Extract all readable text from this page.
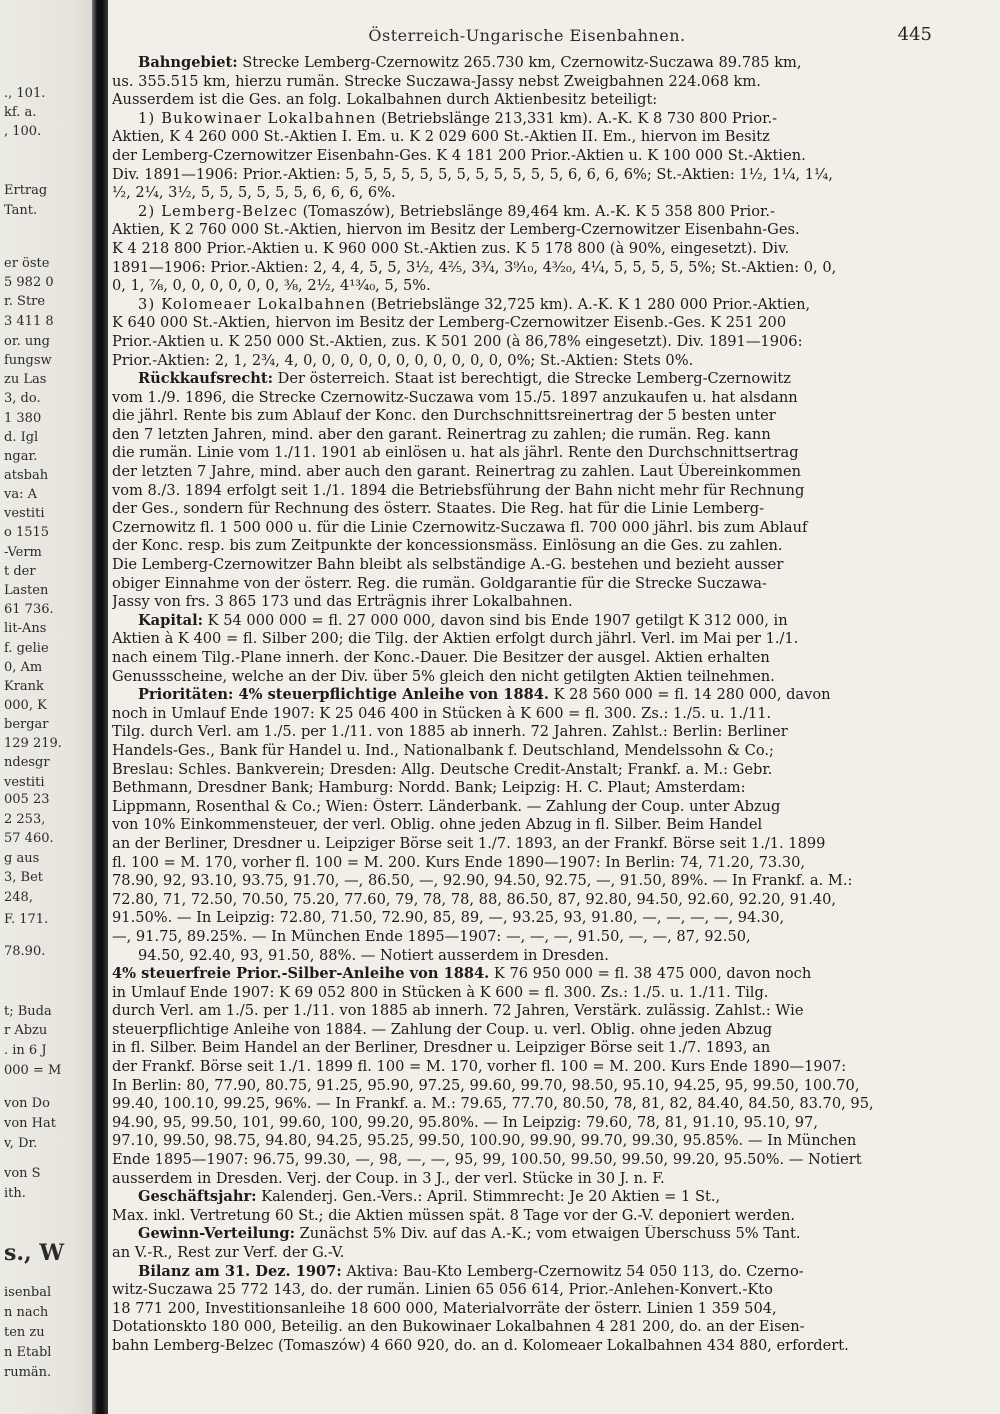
., 101.
kf. a.
, 100.
Ertrag
Tant.
er öste
5 982 0
r. Stre
3 411 8
or. ung
fungsw
zu Las
3, do.
1 380
d. Igl
ngar.
atsbah
va: A
vestiti
o 1515
-Verm
t der
Lasten
61 736.
lit-Ans
f. gelie
0, Am
Krank
000, K
bergar
129 219.
ndesgr
vestiti
005 23
2 253,
57 460.
g aus
3, Bet
248,
F. 171.
78.90.
t; Buda
r Abzu
. in 6 J
000 = M
von Do
von Hat
v, Dr.
von S
ith.
s., W
isenbal
n nach
ten zu
n Etabl
rumän.
Österreich-Ungarische Eisenbahnen.	445
Bahngebiet: Strecke Lemberg-Czernowitz 265.730 km, Czernowitz-Suczawa 89.785 km,
us. 355.515 km, hierzu rumän. Strecke Suczawa-Jassy nebst Zweigbahnen 224.068 km.
Ausserdem ist die Ges. an folg. Lokalbahnen durch Aktienbesitz beteiligt:
1) Bukowinaer Lokalbahnen (Betriebslänge 213,331 km). A.-K. K 8 730 800 Prior.-
Aktien, K 4 260 000 St.-Aktien I. Em. u. K 2 029 600 St.-Aktien II. Em., hiervon im Besitz
der Lemberg-Czernowitzer Eisenbahn-Ges. K 4 181 200 Prior.-Aktien u. K 100 000 St.-Aktien.
Div. 1891—1906: Prior.-Aktien: 5, 5, 5, 5, 5, 5, 5, 5, 5, 5, 5, 5, 6, 6, 6, 6%; St.-Aktien: 1½, 1¼, 1¼,
½, 2¼, 3½, 5, 5, 5, 5, 5, 5, 6, 6, 6, 6%.
2) Lemberg-Belzec (Tomaszów), Betriebslänge 89,464 km. A.-K. K 5 358 800 Prior.-
Aktien, K 2 760 000 St.-Aktien, hiervon im Besitz der Lemberg-Czernowitzer Eisenbahn-Ges.
K 4 218 800 Prior.-Aktien u. K 960 000 St.-Aktien zus. K 5 178 800 (à 90%, eingesetzt). Div.
1891—1906: Prior.-Aktien: 2, 4, 4, 5, 5, 3½, 4⅖, 3¾, 3⁹⁄₁₀, 4³⁄₂₀, 4¼, 5, 5, 5, 5, 5%; St.-Aktien: 0, 0,
0, 1, ⁷⁄₈, 0, 0, 0, 0, 0, 0, ³⁄₈, 2½, 4¹³⁄₄₀, 5, 5%.
3) Kolomeaer Lokalbahnen (Betriebslänge 32,725 km). A.-K. K 1 280 000 Prior.-Aktien,
K 640 000 St.-Aktien, hiervon im Besitz der Lemberg-Czernowitzer Eisenb.-Ges. K 251 200
Prior.-Aktien u. K 250 000 St.-Aktien, zus. K 501 200 (à 86,78% eingesetzt). Div. 1891—1906:
Prior.-Aktien: 2, 1, 2¾, 4, 0, 0, 0, 0, 0, 0, 0, 0, 0, 0, 0, 0%; St.-Aktien: Stets 0%.
Rückkaufsrecht: Der österreich. Staat ist berechtigt, die Strecke Lemberg-Czernowitz
vom 1./9. 1896, die Strecke Czernowitz-Suczawa vom 15./5. 1897 anzukaufen u. hat alsdann
die jährl. Rente bis zum Ablauf der Konc. den Durchschnittsreinertrag der 5 besten unter
den 7 letzten Jahren, mind. aber den garant. Reinertrag zu zahlen; die rumän. Reg. kann
die rumän. Linie vom 1./11. 1901 ab einlösen u. hat als jährl. Rente den Durchschnittsertrag
der letzten 7 Jahre, mind. aber auch den garant. Reinertrag zu zahlen. Laut Übereinkommen
vom 8./3. 1894 erfolgt seit 1./1. 1894 die Betriebsführung der Bahn nicht mehr für Rechnung
der Ges., sondern für Rechnung des österr. Staates. Die Reg. hat für die Linie Lemberg-
Czernowitz fl. 1 500 000 u. für die Linie Czernowitz-Suczawa fl. 700 000 jährl. bis zum Ablauf
der Konc. resp. bis zum Zeitpunkte der koncessionsmäss. Einlösung an die Ges. zu zahlen.
Die Lemberg-Czernowitzer Bahn bleibt als selbständige A.-G. bestehen und bezieht ausser
obiger Einnahme von der österr. Reg. die rumän. Goldgarantie für die Strecke Suczawa-
Jassy von frs. 3 865 173 und das Erträgnis ihrer Lokalbahnen.
Kapital: K 54 000 000 = fl. 27 000 000, davon sind bis Ende 1907 getilgt K 312 000, in
Aktien à K 400 = fl. Silber 200; die Tilg. der Aktien erfolgt durch jährl. Verl. im Mai per 1./1.
nach einem Tilg.-Plane innerh. der Konc.-Dauer. Die Besitzer der ausgel. Aktien erhalten
Genussscheine, welche an der Div. über 5% gleich den nicht getilgten Aktien teilnehmen.
Prioritäten: 4% steuerpflichtige Anleihe von 1884. K 28 560 000 = fl. 14 280 000, davon
noch in Umlauf Ende 1907: K 25 046 400 in Stücken à K 600 = fl. 300. Zs.: 1./5. u. 1./11.
Tilg. durch Verl. am 1./5. per 1./11. von 1885 ab innerh. 72 Jahren. Zahlst.: Berlin: Berliner
Handels-Ges., Bank für Handel u. Ind., Nationalbank f. Deutschland, Mendelssohn & Co.;
Breslau: Schles. Bankverein; Dresden: Allg. Deutsche Credit-Anstalt; Frankf. a. M.: Gebr.
Bethmann, Dresdner Bank; Hamburg: Nordd. Bank; Leipzig: H. C. Plaut; Amsterdam:
Lippmann, Rosenthal & Co.; Wien: Österr. Länderbank. — Zahlung der Coup. unter Abzug
von 10% Einkommensteuer, der verl. Oblig. ohne jeden Abzug in fl. Silber. Beim Handel
an der Berliner, Dresdner u. Leipziger Börse seit 1./7. 1893, an der Frankf. Börse seit 1./1. 1899
fl. 100 = M. 170, vorher fl. 100 = M. 200. Kurs Ende 1890—1907: In Berlin: 74, 71.20, 73.30,
78.90, 92, 93.10, 93.75, 91.70, —, 86.50, —, 92.90, 94.50, 92.75, —, 91.50, 89%. — In Frankf. a. M.:
72.80, 71, 72.50, 70.50, 75.20, 77.60, 79, 78, 78, 88, 86.50, 87, 92.80, 94.50, 92.60, 92.20, 91.40,
91.50%. — In Leipzig: 72.80, 71.50, 72.90, 85, 89, —, 93.25, 93, 91.80, —, —, —, —, 94.30,
—, 91.75, 89.25%. — In München Ende 1895—1907: —, —, —, 91.50, —, —, 87, 92.50,
94.50, 92.40, 93, 91.50, 88%. — Notiert ausserdem in Dresden.
4% steuerfreie Prior.-Silber-Anleihe von 1884. K 76 950 000 = fl. 38 475 000, davon noch
in Umlauf Ende 1907: K 69 052 800 in Stücken à K 600 = fl. 300. Zs.: 1./5. u. 1./11. Tilg.
durch Verl. am 1./5. per 1./11. von 1885 ab innerh. 72 Jahren, Verstärk. zulässig. Zahlst.: Wie
steuerpflichtige Anleihe von 1884. — Zahlung der Coup. u. verl. Oblig. ohne jeden Abzug
in fl. Silber. Beim Handel an der Berliner, Dresdner u. Leipziger Börse seit 1./7. 1893, an
der Frankf. Börse seit 1./1. 1899 fl. 100 = M. 170, vorher fl. 100 = M. 200. Kurs Ende 1890—1907:
In Berlin: 80, 77.90, 80.75, 91.25, 95.90, 97.25, 99.60, 99.70, 98.50, 95.10, 94.25, 95, 99.50, 100.70,
99.40, 100.10, 99.25, 96%. — In Frankf. a. M.: 79.65, 77.70, 80.50, 78, 81, 82, 84.40, 84.50, 83.70, 95,
94.90, 95, 99.50, 101, 99.60, 100, 99.20, 95.80%. — In Leipzig: 79.60, 78, 81, 91.10, 95.10, 97,
97.10, 99.50, 98.75, 94.80, 94.25, 95.25, 99.50, 100.90, 99.90, 99.70, 99.30, 95.85%. — In München
Ende 1895—1907: 96.75, 99.30, —, 98, —, —, 95, 99, 100.50, 99.50, 99.50, 99.20, 95.50%. — Notiert
ausserdem in Dresden. Verj. der Coup. in 3 J., der verl. Stücke in 30 J. n. F.
Geschäftsjahr: Kalenderj. Gen.-Vers.: April. Stimmrecht: Je 20 Aktien = 1 St.,
Max. inkl. Vertretung 60 St.; die Aktien müssen spät. 8 Tage vor der G.-V. deponiert werden.
Gewinn-Verteilung: Zunächst 5% Div. auf das A.-K.; vom etwaigen Überschuss 5% Tant.
an V.-R., Rest zur Verf. der G.-V.
Bilanz am 31. Dez. 1907: Aktiva: Bau-Kto Lemberg-Czernowitz 54 050 113, do. Czerno-
witz-Suczawa 25 772 143, do. der rumän. Linien 65 056 614, Prior.-Anlehen-Konvert.-Kto
18 771 200, Investitionsanleihe 18 600 000, Materialvorräte der österr. Linien 1 359 504,
Dotationskto 180 000, Beteilig. an den Bukowinaer Lokalbahnen 4 281 200, do. an der Eisen-
bahn Lemberg-Belzec (Tomaszów) 4 660 920, do. an d. Kolomeaer Lokalbahnen 434 880, erfordert.
